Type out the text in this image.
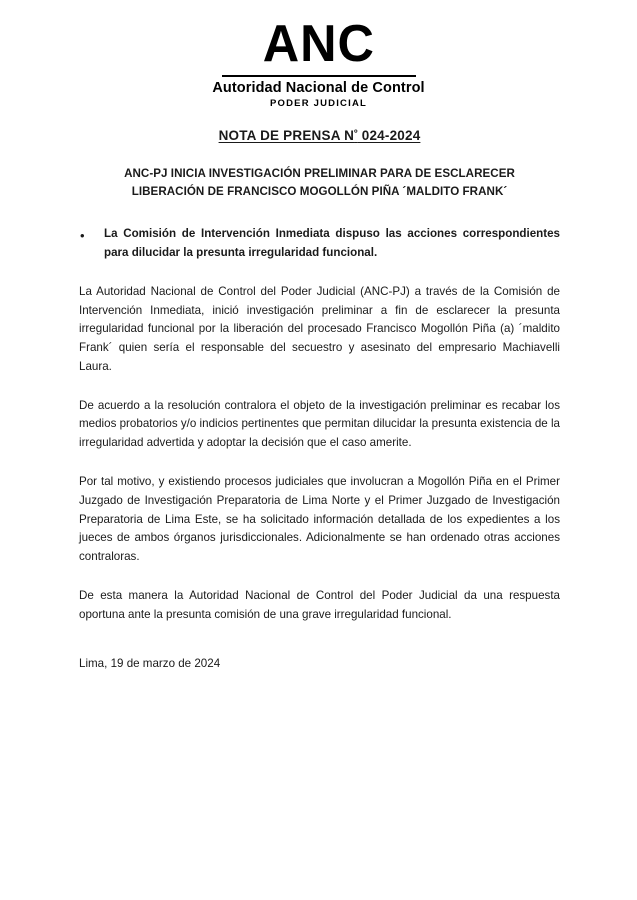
ANC
Autoridad Nacional de Control
PODER JUDICIAL
NOTA DE PRENSA $N^º$ 024-2024
ANC-PJ INICIA INVESTIGACIÓN PRELIMINAR PARA DE ESCLARECER
LIBERACIÓN DE FRANCISCO MOGOLLÓN PIÑA ´MALDITO FRANK´
•	La Comisión de Intervención Inmediata dispuso las acciones correspondientes para dilucidar la presunta irregularidad funcional.

La Autoridad Nacional de Control del Poder Judicial (ANC-PJ) a través de la Comisión de Intervención Inmediata, inició investigación preliminar a fin de esclarecer la presunta irregularidad funcional por la liberación del procesado Francisco Mogollón Piña (a) ´maldito Frank´ quien sería el responsable del secuestro y asesinato del empresario Machiavelli Laura.

De acuerdo a la resolución contralora el objeto de la investigación preliminar es recabar los medios probatorios y/o indicios pertinentes que permitan dilucidar la presunta existencia de la irregularidad advertida y adoptar la decisión que el caso amerite.

Por tal motivo, y existiendo procesos judiciales que involucran a Mogollón Piña en el Primer Juzgado de Investigación Preparatoria de Lima Norte y el Primer Juzgado de Investigación Preparatoria de Lima Este, se ha solicitado información detallada de los expedientes a los jueces de ambos órganos jurisdiccionales. Adicionalmente se han ordenado otras acciones contraloras.

De esta manera la Autoridad Nacional de Control del Poder Judicial da una respuesta oportuna ante la presunta comisión de una grave irregularidad funcional.

Lima, 19 de marzo de 2024
